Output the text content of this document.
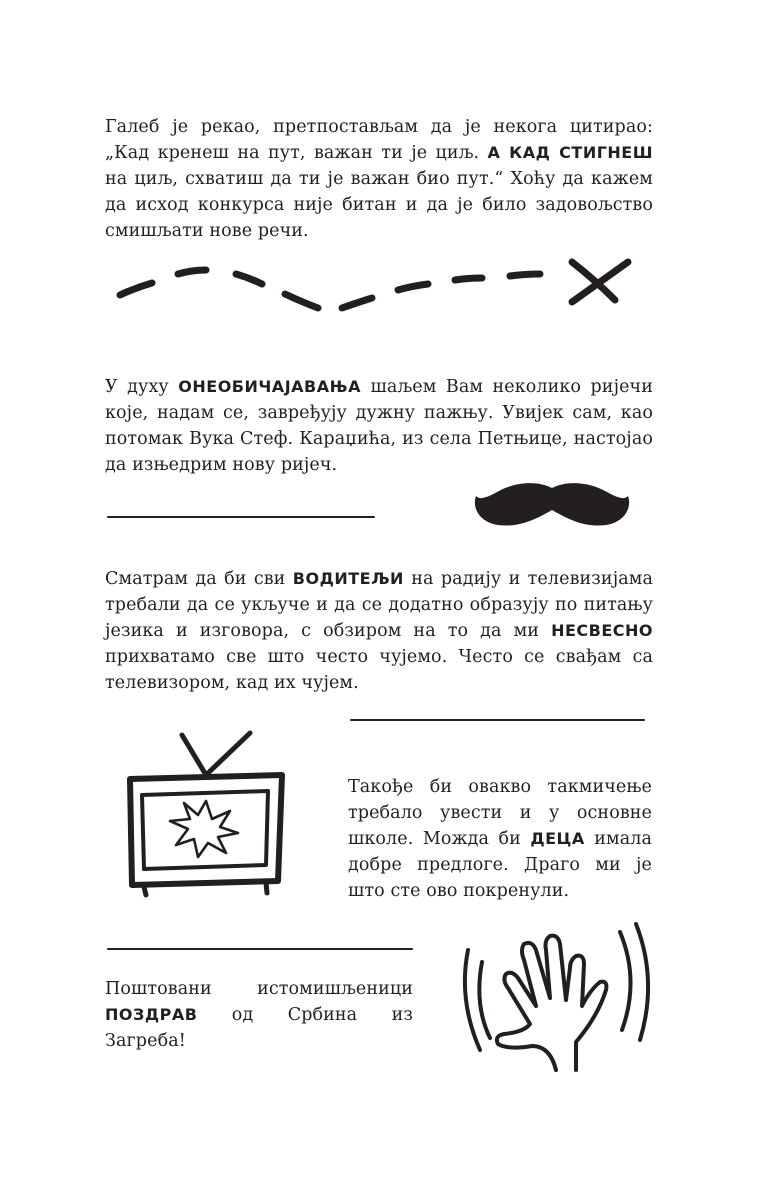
Галеб је рекао, претпостављам да је некога цитирао: „Кад кренеш на пут, важан ти је циљ. А КАД СТИГНЕШ на циљ, схватиш да ти је важан био пут.“ Хоћу да кажем да исход конкурса није битан и да је било задовољство смишљати нове речи.
У духу ОНЕОБИЧАЈАВАЊА шаљем Вам неколико ријечи које, надам се, завређују дужну пажњу. Увијек сам, као потомак Вука Стеф. Караџића, из села Петњице, настојао да изњедрим нову ријеч.
Сматрам да би сви ВОДИТЕЉИ на радију и телевизијама требали да се укључе и да се додатно образују по питању језика и изговора, с обзиром на то да ми НЕСВЕСНО прихватамо све што често чујемо. Често се свађам са телевизором, кад их чујем.
Такође би овакво такмичење требало увести и у основне школе. Можда би ДЕЦА имала добре предлоге. Драго ми је што сте ово покренули.
Поштовани истомишљеници ПОЗДРАВ од Србина из Загреба!
